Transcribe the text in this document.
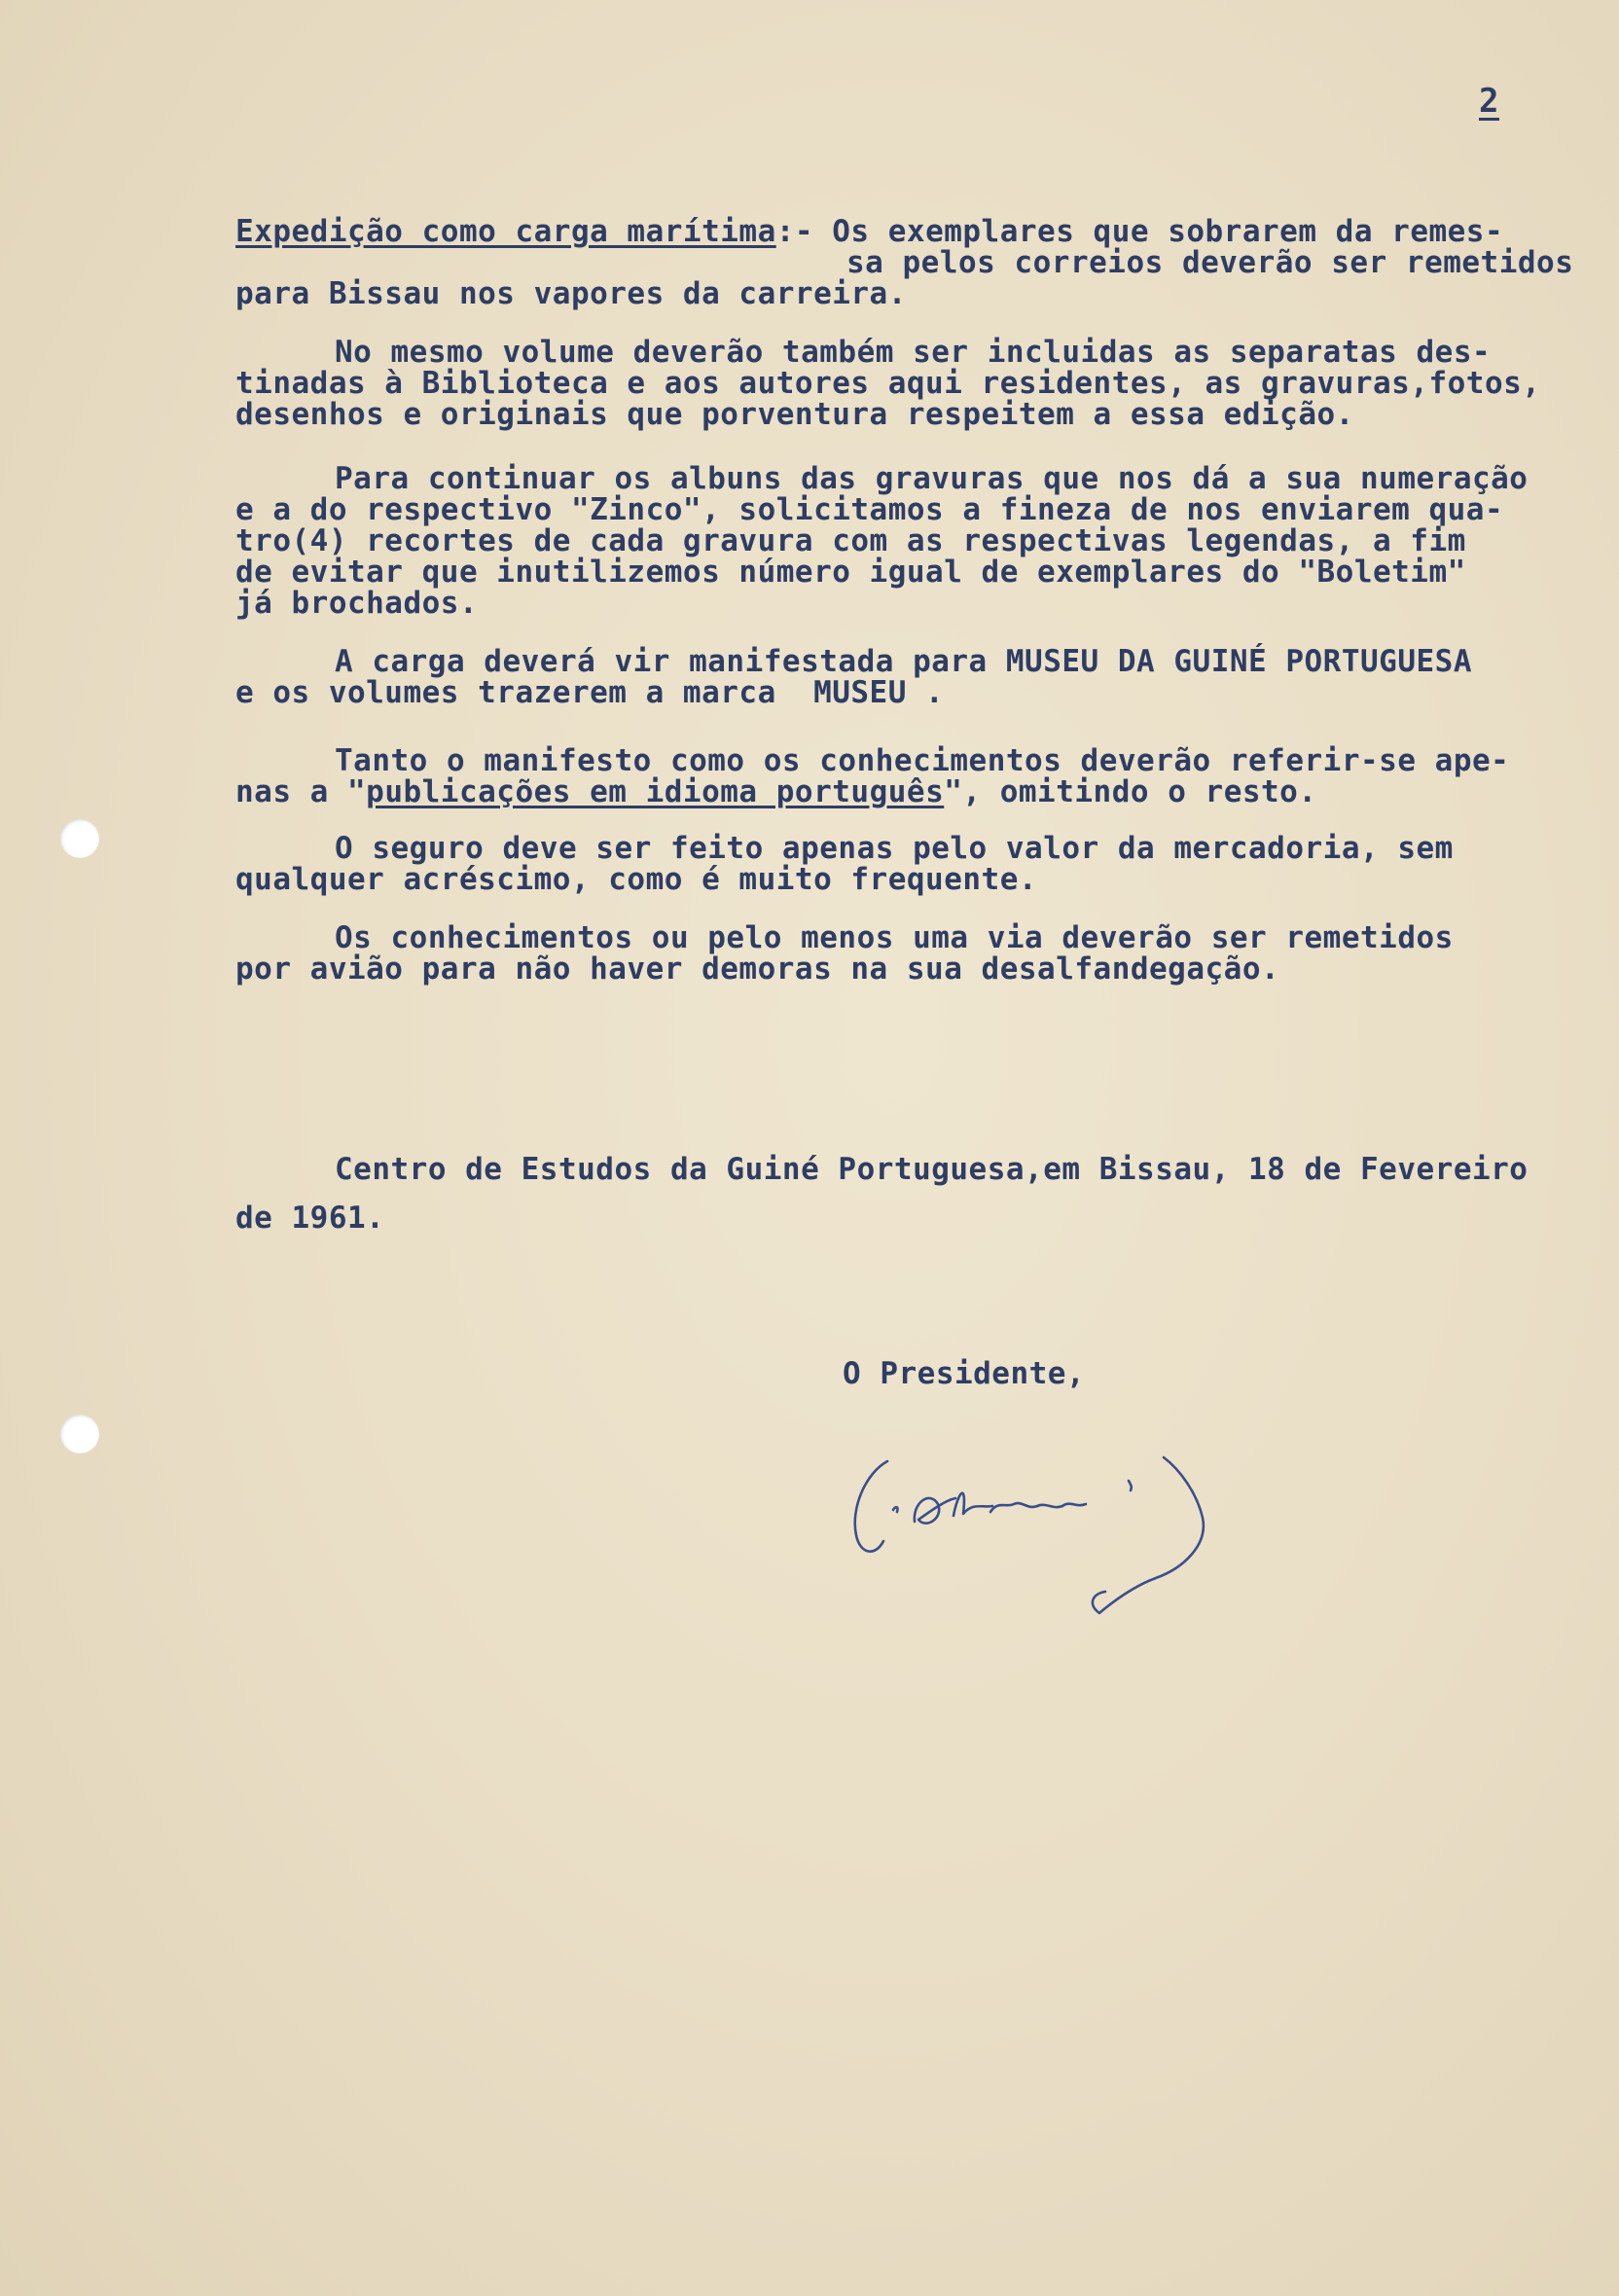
2
Expedição como carga marítima:- Os exemplares que sobrarem da remes-
sa pelos correios deverão ser remetidos
para Bissau nos vapores da carreira.
No mesmo volume deverão também ser incluidas as separatas des-
tinadas à Biblioteca e aos autores aqui residentes, as gravuras,fotos,
desenhos e originais que porventura respeitem a essa edição.
Para continuar os albuns das gravuras que nos dá a sua numeração
e a do respectivo "Zinco", solicitamos a fineza de nos enviarem qua-
tro(4) recortes de cada gravura com as respectivas legendas, a fim
de evitar que inutilizemos número igual de exemplares do "Boletim"
já brochados.
A carga deverá vir manifestada para MUSEU DA GUINÉ PORTUGUESA
e os volumes trazerem a marca  MUSEU .
Tanto o manifesto como os conhecimentos deverão referir-se ape-
nas a "publicações em idioma português", omitindo o resto.
O seguro deve ser feito apenas pelo valor da mercadoria, sem
qualquer acréscimo, como é muito frequente.
Os conhecimentos ou pelo menos uma via deverão ser remetidos
por avião para não haver demoras na sua desalfandegação.
Centro de Estudos da Guiné Portuguesa,em Bissau, 18 de Fevereiro
de 1961.
O Presidente,
